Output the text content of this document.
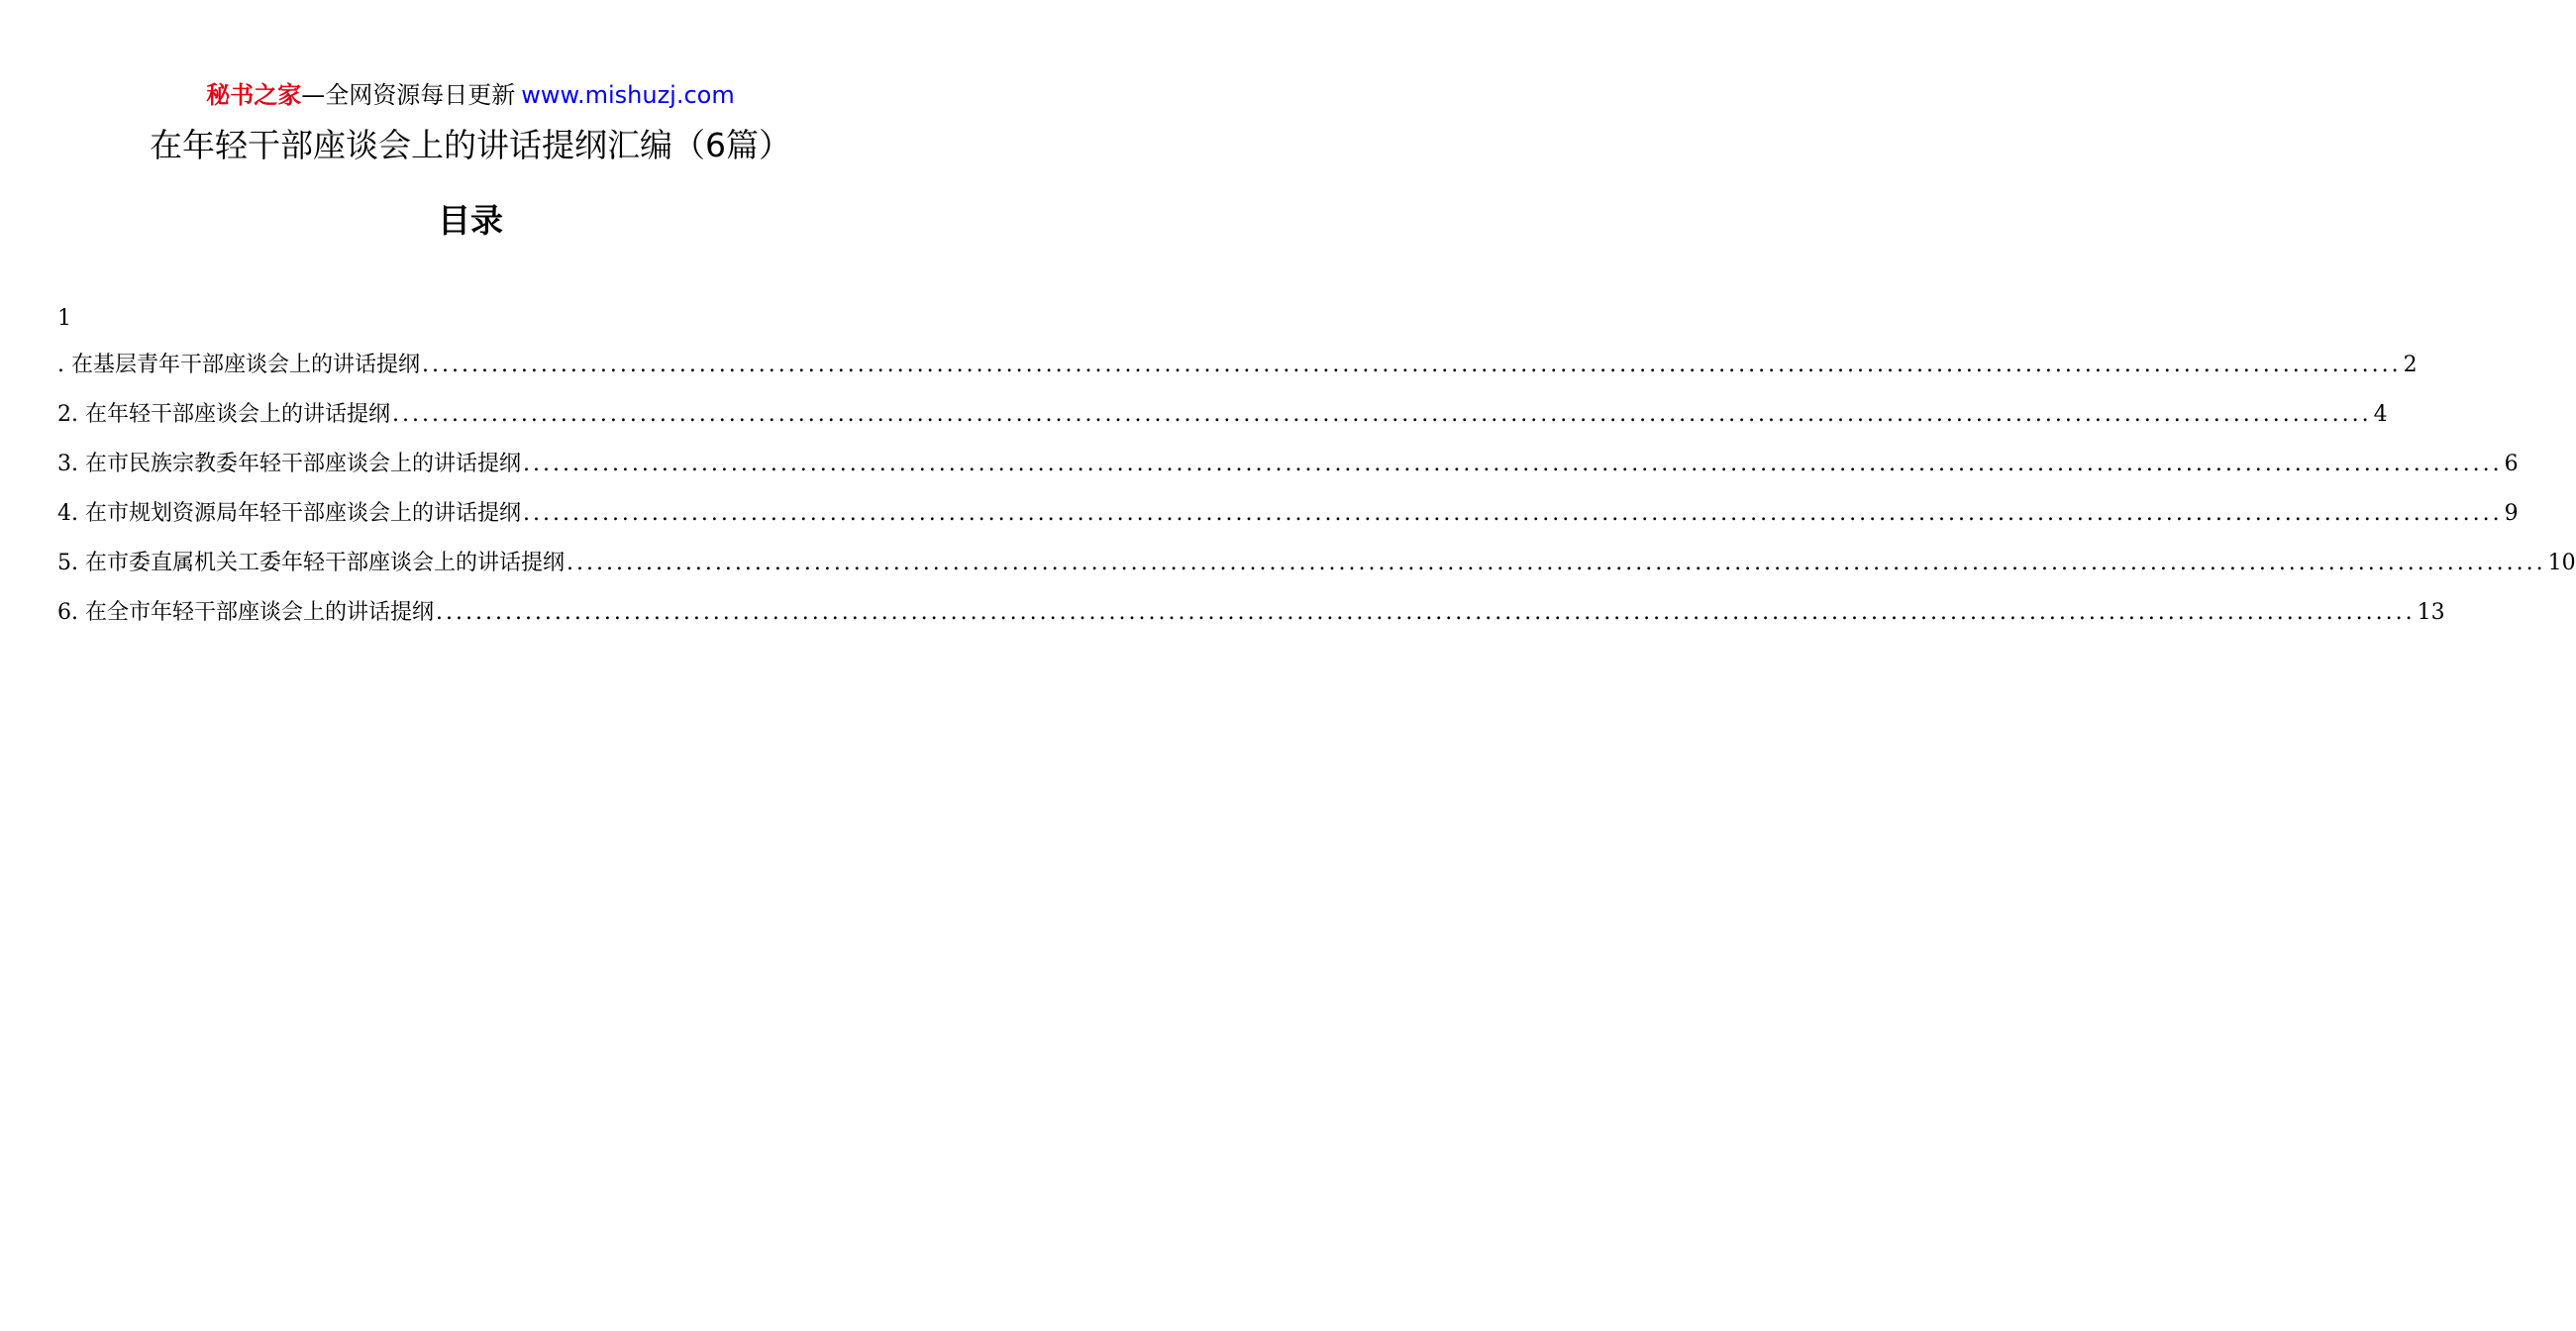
秘书之家—全网资源每日更新 www.mishuzj.com
在年轻干部座谈会上的讲话提纲汇编（6篇）
目录
1
. 在基层青年干部座谈会上的讲话提纲 ........................................................................................................................................................................................................ 2
2. 在年轻干部座谈会上的讲话提纲 ........................................................................................................................................................................................................ 4
3. 在市民族宗教委年轻干部座谈会上的讲话提纲 ........................................................................................................................................................................................................ 6
4. 在市规划资源局年轻干部座谈会上的讲话提纲 ........................................................................................................................................................................................................ 9
5. 在市委直属机关工委年轻干部座谈会上的讲话提纲 ........................................................................................................................................................................................................ 10
6. 在全市年轻干部座谈会上的讲话提纲 ........................................................................................................................................................................................................ 13
